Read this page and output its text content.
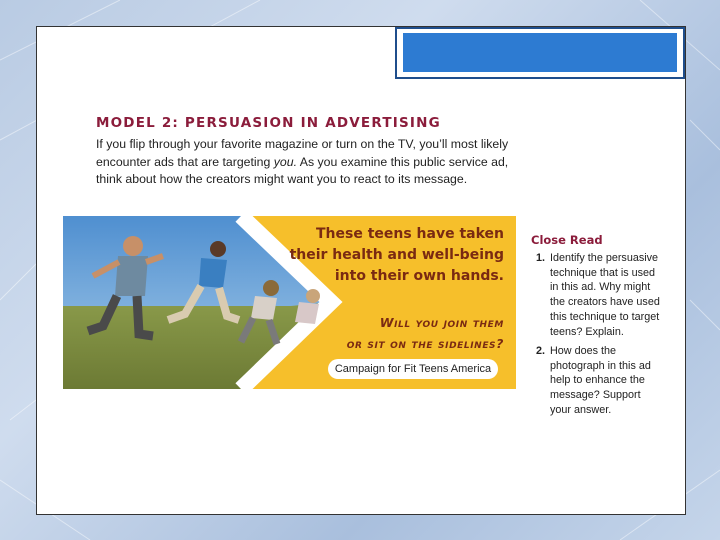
MODEL 2: PERSUASION IN ADVERTISING

If you flip through your favorite magazine or turn on the TV, you’ll most likely encounter ads that are targeting you. As you examine this public service ad, think about how the creators might want you to react to its message.

These teens have taken
their health and well-being
into their own hands.
Will you join them
or sit on the sidelines?
Campaign for Fit Teens America
Close Read
1. Identify the persuasive
technique that is used
in this ad. Why might
the creators have used
this technique to target
teens? Explain.
2. How does the
photograph in this ad
help to enhance the
message? Support
your answer.
